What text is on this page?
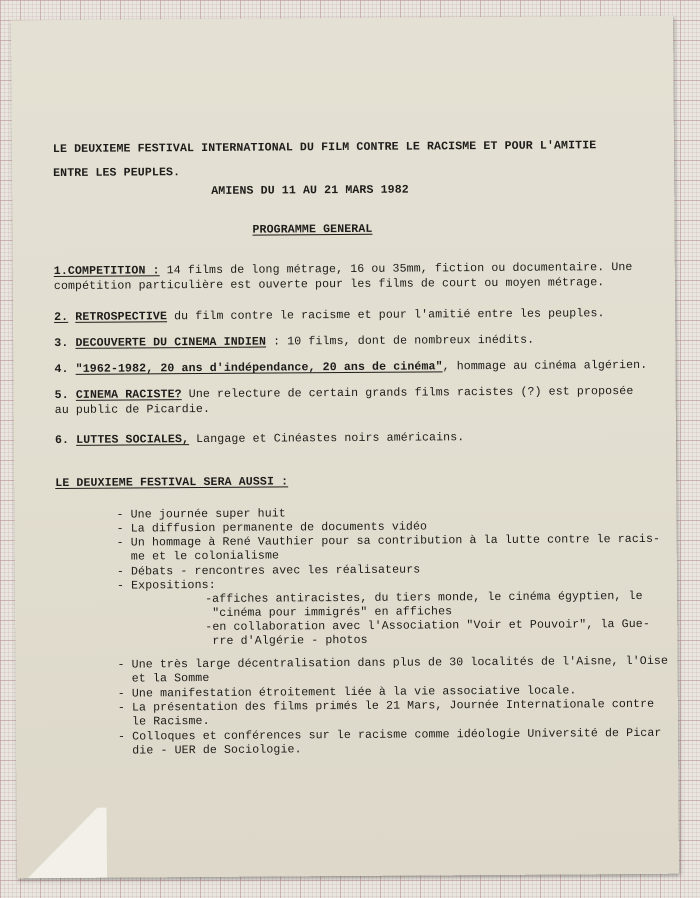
LE DEUXIEME FESTIVAL INTERNATIONAL DU FILM CONTRE LE RACISME ET POUR L'AMITIE
ENTRE LES PEUPLES.
AMIENS DU 11 AU 21 MARS 1982
PROGRAMME GENERAL
1.COMPETITION : 14 films de long métrage, 16 ou 35mm, fiction ou documentaire. Une
compétition particulière est ouverte pour les films de court ou moyen métrage.
2. RETROSPECTIVE du film contre le racisme et pour l'amitié entre les peuples.
3. DECOUVERTE DU CINEMA INDIEN : 10 films, dont de nombreux inédits.
4. "1962-1982, 20 ans d'indépendance, 20 ans de cinéma", hommage au cinéma algérien.
5. CINEMA RACISTE? Une relecture de certain grands films racistes (?) est proposée
au public de Picardie.
6. LUTTES SOCIALES, Langage et Cinéastes noirs américains.
LE DEUXIEME FESTIVAL SERA AUSSI :
- Une journée super huit
- La diffusion permanente de documents vidéo
- Un hommage à René Vauthier pour sa contribution à la lutte contre le racis-
me et le colonialisme
- Débats - rencontres avec les réalisateurs
- Expositions:
-affiches antiracistes, du tiers monde, le cinéma égyptien, le
"cinéma pour immigrés" en affiches
-en collaboration avec l'Association "Voir et Pouvoir", la Gue-
rre d'Algérie - photos
- Une très large décentralisation dans plus de 30 localités de l'Aisne, l'Oise
et la Somme
- Une manifestation étroitement liée à la vie associative locale.
- La présentation des films primés le 21 Mars, Journée Internationale contre
le Racisme.
- Colloques et conférences sur le racisme comme idéologie Université de Picar
die - UER de Sociologie.
